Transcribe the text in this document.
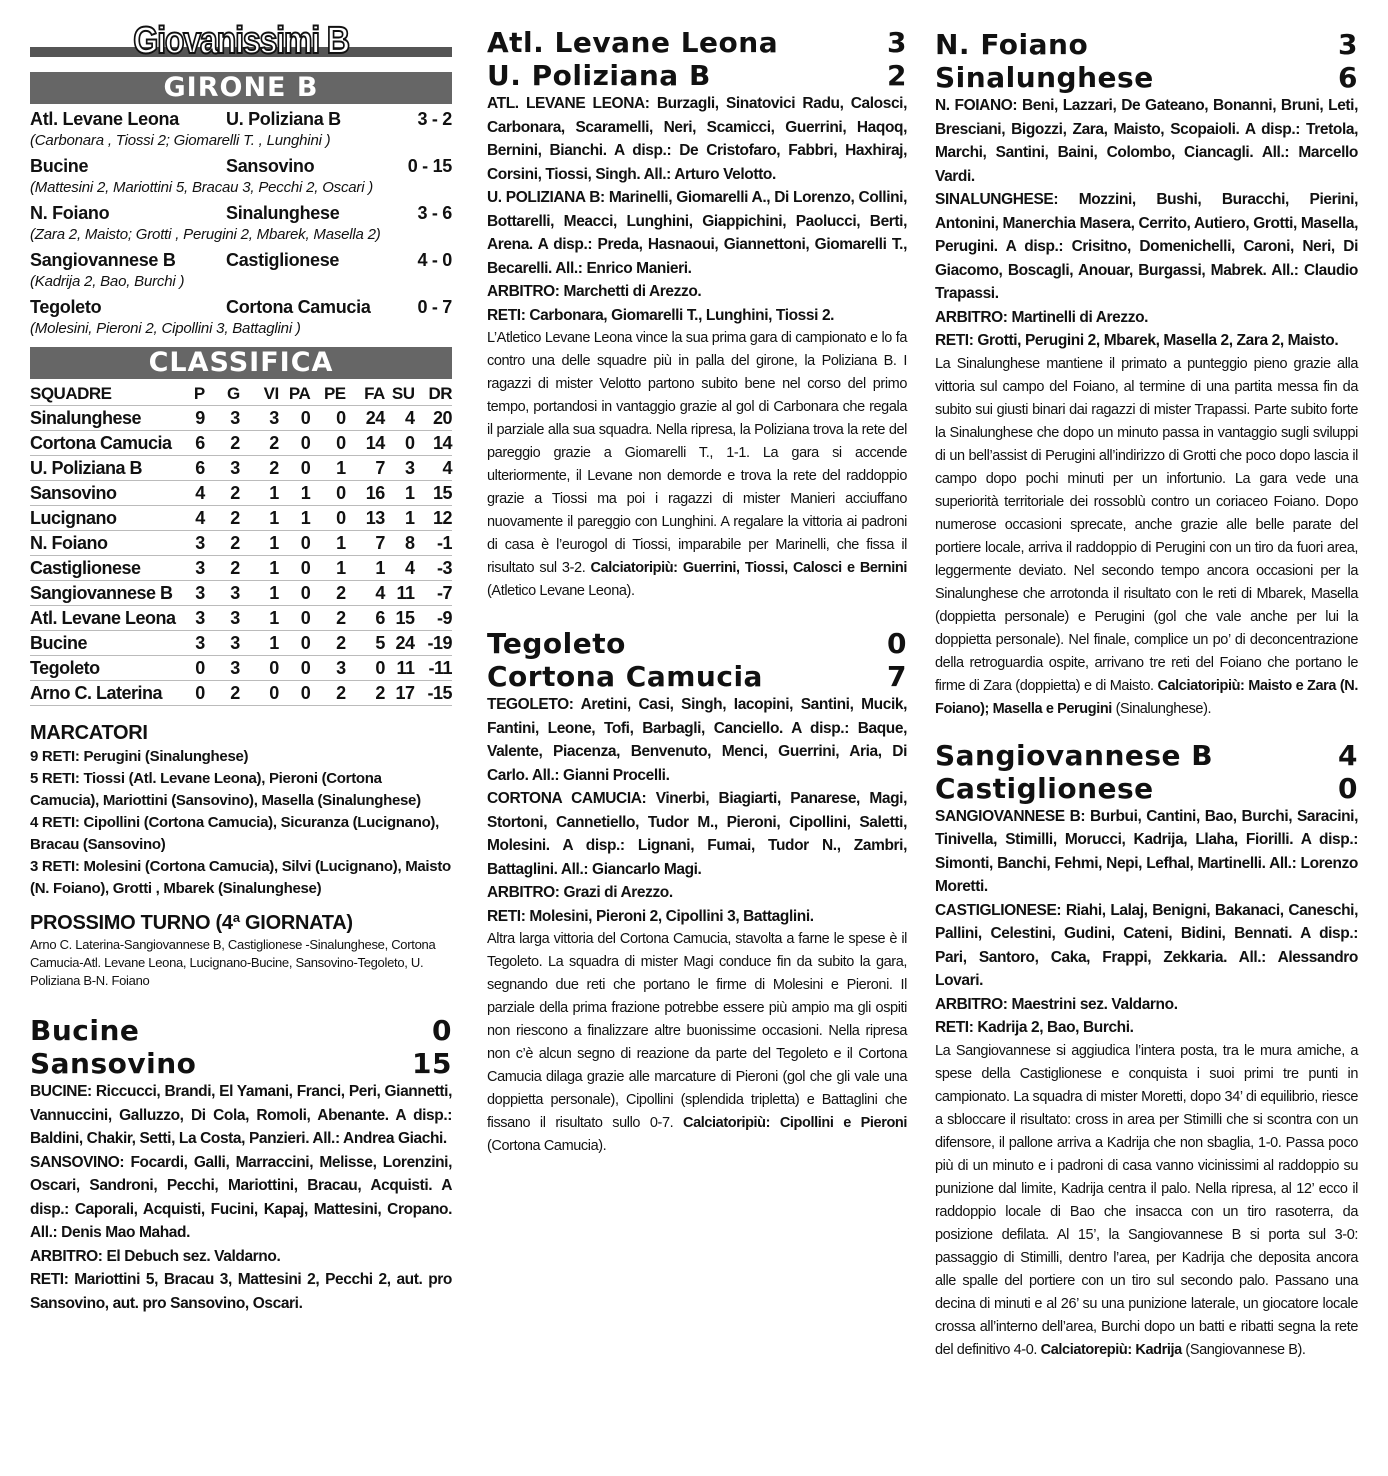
Giovanissimi B
GIRONE B
Atl. Levane Leona	U. Poliziana B	3 - 2
(Carbonara , Tiossi 2; Giomarelli T. , Lunghini )
Bucine	Sansovino	0 - 15
(Mattesini 2, Mariottini 5, Bracau 3, Pecchi 2, Oscari )
N. Foiano	Sinalunghese	3 - 6
(Zara 2, Maisto; Grotti , Perugini 2, Mbarek, Masella 2)
Sangiovannese B	Castiglionese	4 - 0
(Kadrija 2, Bao, Burchi )
Tegoleto	Cortona Camucia	0 - 7
(Molesini, Pieroni 2, Cipollini 3, Battaglini )
CLASSIFICA
SQUADRE	P	G	VI	PA	PE	FA	SU	DR
Sinalunghese	9	3	3	0	0	24	4	20
Cortona Camucia	6	2	2	0	0	14	0	14
U. Poliziana B	6	3	2	0	1	7	3	4
Sansovino	4	2	1	1	0	16	1	15
Lucignano	4	2	1	1	0	13	1	12
N. Foiano	3	2	1	0	1	7	8	-1
Castiglionese	3	2	1	0	1	1	4	-3
Sangiovannese B	3	3	1	0	2	4	11	-7
Atl. Levane Leona	3	3	1	0	2	6	15	-9
Bucine	3	3	1	0	2	5	24	-19
Tegoleto	0	3	0	0	3	0	11	-11
Arno C. Laterina	0	2	0	0	2	2	17	-15
MARCATORI
9 RETI: Perugini (Sinalunghese)
5 RETI: Tiossi (Atl. Levane Leona), Pieroni (Cortona Camucia), Mariottini (Sansovino), Masella (Sinalunghese)
4 RETI: Cipollini (Cortona Camucia), Sicuranza (Lucignano), Bracau (Sansovino)
3 RETI: Molesini (Cortona Camucia), Silvi (Lucignano), Maisto (N. Foiano), Grotti , Mbarek (Sinalunghese)
PROSSIMO TURNO (4ª GIORNATA)
Arno C. Laterina-Sangiovannese B, Castiglionese -Sinalunghese, Cortona Camucia-Atl. Levane Leona, Lucignano-Bucine, Sansovino-Tegoleto, U. Poliziana B-N. Foiano
Bucine	0
Sansovino	15
BUCINE: Riccucci, Brandi, El Yamani, Franci, Peri, Giannetti, Vannuccini, Galluzzo, Di Cola, Romoli, Abenante. A disp.: Baldini, Chakir, Setti, La Costa, Panzieri. All.: Andrea Giachi.
SANSOVINO: Focardi, Galli, Marraccini, Melisse, Lorenzini, Oscari, Sandroni, Pecchi, Mariottini, Bracau, Acquisti. A disp.: Caporali, Acquisti, Fucini, Kapaj, Mattesini, Cropano. All.: Denis Mao Mahad.
ARBITRO: El Debuch sez. Valdarno.
RETI: Mariottini 5, Bracau 3, Mattesini 2, Pecchi 2, aut. pro Sansovino, aut. pro Sansovino, Oscari.
Atl. Levane Leona	3
U. Poliziana B	2
ATL. LEVANE LEONA: Burzagli, Sinatovici Radu, Calosci, Carbonara, Scaramelli, Neri, Scamicci, Guerrini, Haqoq, Bernini, Bianchi. A disp.: De Cristofaro, Fabbri, Haxhiraj, Corsini, Tiossi, Singh. All.: Arturo Velotto.
U. POLIZIANA B: Marinelli, Giomarelli A., Di Lorenzo, Collini, Bottarelli, Meacci, Lunghini, Giappichini, Paolucci, Berti, Arena. A disp.: Preda, Hasnaoui, Giannettoni, Giomarelli T., Becarelli. All.: Enrico Manieri.
ARBITRO: Marchetti di Arezzo.
RETI: Carbonara, Giomarelli T., Lunghini, Tiossi 2.
L’Atletico Levane Leona vince la sua prima gara di campionato e lo fa contro una delle squadre più in palla del girone, la Poliziana B. I ragazzi di mister Velotto partono subito bene nel corso del primo tempo, portandosi in vantaggio grazie al gol di Carbonara che regala il parziale alla sua squadra. Nella ripresa, la Poliziana trova la rete del pareggio grazie a Giomarelli T., 1-1. La gara si accende ulteriormente, il Levane non demorde e trova la rete del raddoppio grazie a Tiossi ma poi i ragazzi di mister Manieri acciuffano nuovamente il pareggio con Lunghini. A regalare la vittoria ai padroni di casa è l’eurogol di Tiossi, imparabile per Marinelli, che fissa il risultato sul 3-2. Calciatoripiù: Guerrini, Tiossi, Calosci e Bernini (Atletico Levane Leona).
Tegoleto	0
Cortona Camucia	7
TEGOLETO: Aretini, Casi, Singh, Iacopini, Santini, Mucik, Fantini, Leone, Tofi, Barbagli, Canciello. A disp.: Baque, Valente, Piacenza, Benvenuto, Menci, Guerrini, Aria, Di Carlo. All.: Gianni Procelli.
CORTONA CAMUCIA: Vinerbi, Biagiarti, Panarese, Magi, Stortoni, Cannetiello, Tudor M., Pieroni, Cipollini, Saletti, Molesini. A disp.: Lignani, Fumai, Tudor N., Zambri, Battaglini. All.: Giancarlo Magi.
ARBITRO: Grazi di Arezzo.
RETI: Molesini, Pieroni 2, Cipollini 3, Battaglini.
Altra larga vittoria del Cortona Camucia, stavolta a farne le spese è il Tegoleto. La squadra di mister Magi conduce fin da subito la gara, segnando due reti che portano le firme di Molesini e Pieroni. Il parziale della prima frazione potrebbe essere più ampio ma gli ospiti non riescono a finalizzare altre buonissime occasioni. Nella ripresa non c’è alcun segno di reazione da parte del Tegoleto e il Cortona Camucia dilaga grazie alle marcature di Pieroni (gol che gli vale una doppietta personale), Cipollini (splendida tripletta) e Battaglini che fissano il risultato sullo 0-7. Calciatoripiù: Cipollini e Pieroni (Cortona Camucia).
N. Foiano	3
Sinalunghese	6
N. FOIANO: Beni, Lazzari, De Gateano, Bonanni, Bruni, Leti, Bresciani, Bigozzi, Zara, Maisto, Scopaioli. A disp.: Tretola, Marchi, Santini, Baini, Colombo, Ciancagli. All.: Marcello Vardi.
SINALUNGHESE: Mozzini, Bushi, Buracchi, Pierini, Antonini, Manerchia Masera, Cerrito, Autiero, Grotti, Masella, Perugini. A disp.: Crisitno, Domenichelli, Caroni, Neri, Di Giacomo, Boscagli, Anouar, Burgassi, Mabrek. All.: Claudio Trapassi.
ARBITRO: Martinelli di Arezzo.
RETI: Grotti, Perugini 2, Mbarek, Masella 2, Zara 2, Maisto.
La Sinalunghese mantiene il primato a punteggio pieno grazie alla vittoria sul campo del Foiano, al termine di una partita messa fin da subito sui giusti binari dai ragazzi di mister Trapassi. Parte subito forte la Sinalunghese che dopo un minuto passa in vantaggio sugli sviluppi di un bell’assist di Perugini all’indirizzo di Grotti che poco dopo lascia il campo dopo pochi minuti per un infortunio. La gara vede una superiorità territoriale dei rossoblù contro un coriaceo Foiano. Dopo numerose occasioni sprecate, anche grazie alle belle parate del portiere locale, arriva il raddoppio di Perugini con un tiro da fuori area, leggermente deviato. Nel secondo tempo ancora occasioni per la Sinalunghese che arrotonda il risultato con le reti di Mbarek, Masella (doppietta personale) e Perugini (gol che vale anche per lui la doppietta personale). Nel finale, complice un po’ di deconcentrazione della retroguardia ospite, arrivano tre reti del Foiano che portano le firme di Zara (doppietta) e di Maisto. Calciatoripiù: Maisto e Zara (N. Foiano); Masella e Perugini (Sinalunghese).
Sangiovannese B	4
Castiglionese	0
SANGIOVANNESE B: Burbui, Cantini, Bao, Burchi, Saracini, Tinivella, Stimilli, Morucci, Kadrija, Llaha, Fiorilli. A disp.: Simonti, Banchi, Fehmi, Nepi, Lefhal, Martinelli. All.: Lorenzo Moretti.
CASTIGLIONESE: Riahi, Lalaj, Benigni, Bakanaci, Caneschi, Pallini, Celestini, Gudini, Cateni, Bidini, Bennati. A disp.: Pari, Santoro, Caka, Frappi, Zekkaria. All.: Alessandro Lovari.
ARBITRO: Maestrini sez. Valdarno.
RETI: Kadrija 2, Bao, Burchi.
La Sangiovannese si aggiudica l’intera posta, tra le mura amiche, a spese della Castiglionese e conquista i suoi primi tre punti in campionato. La squadra di mister Moretti, dopo 34’ di equilibrio, riesce a sbloccare il risultato: cross in area per Stimilli che si scontra con un difensore, il pallone arriva a Kadrija che non sbaglia, 1-0. Passa poco più di un minuto e i padroni di casa vanno vicinissimi al raddoppio su punizione dal limite, Kadrija centra il palo. Nella ripresa, al 12’ ecco il raddoppio locale di Bao che insacca con un tiro rasoterra, da posizione defilata. Al 15’, la Sangiovannese B si porta sul 3-0: passaggio di Stimilli, dentro l’area, per Kadrija che deposita ancora alle spalle del portiere con un tiro sul secondo palo. Passano una decina di minuti e al 26’ su una punizione laterale, un giocatore locale crossa all’interno dell’area, Burchi dopo un batti e ribatti segna la rete del definitivo 4-0. Calciatorepiù: Kadrija (Sangiovannese B).
